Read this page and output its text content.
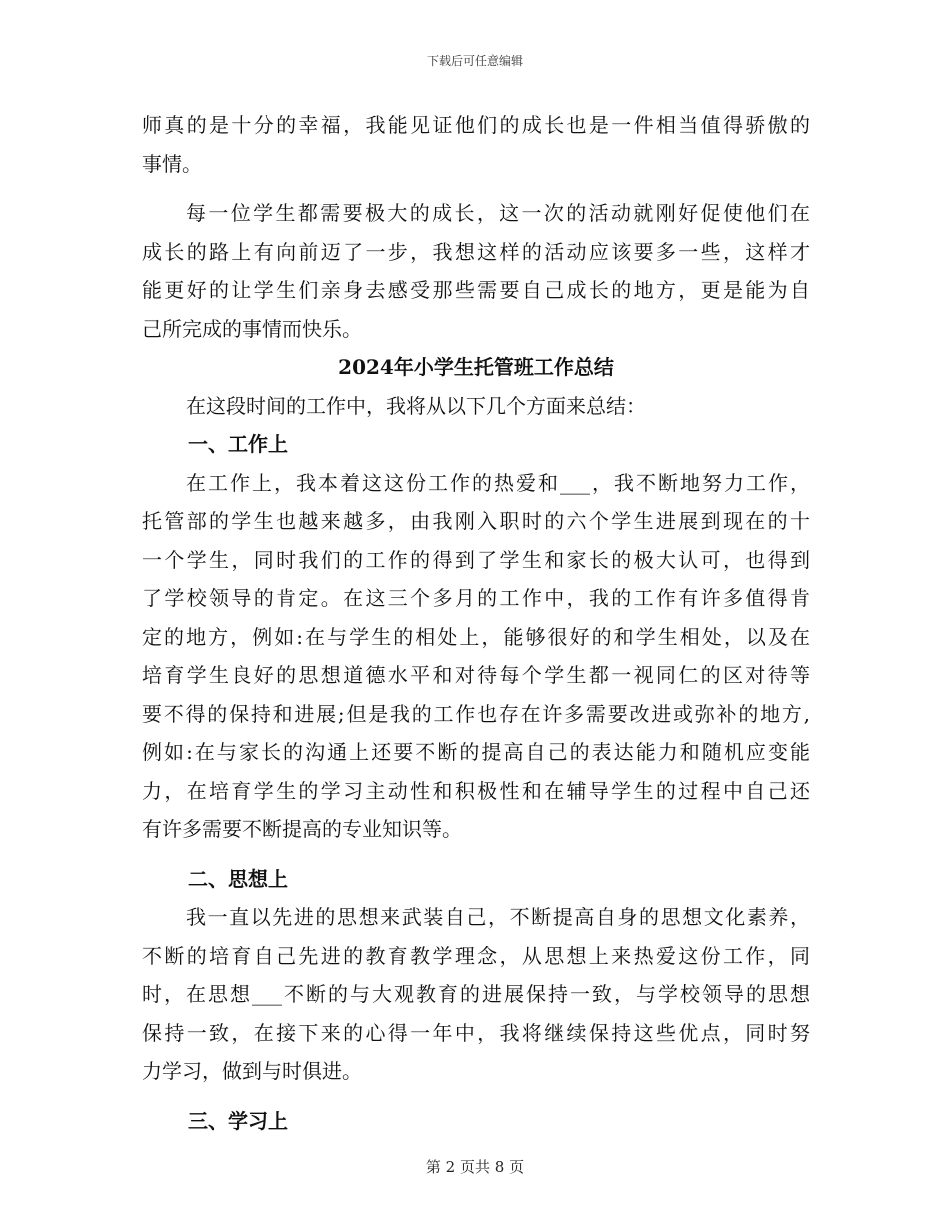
下载后可任意编辑
师真的是十分的幸福，我能见证他们的成长也是一件相当值得骄傲的
事情。
每一位学生都需要极大的成长，这一次的活动就刚好促使他们在
成长的路上有向前迈了一步，我想这样的活动应该要多一些，这样才
能更好的让学生们亲身去感受那些需要自己成长的地方，更是能为自
己所完成的事情而快乐。
2024年小学生托管班工作总结
在这段时间的工作中，我将从以下几个方面来总结：
一、工作上
在工作上，我本着这这份工作的热爱和___，我不断地努力工作，
托管部的学生也越来越多，由我刚入职时的六个学生进展到现在的十
一个学生，同时我们的工作的得到了学生和家长的极大认可，也得到
了学校领导的肯定。在这三个多月的工作中，我的工作有许多值得肯
定的地方，例如:在与学生的相处上，能够很好的和学生相处，以及在
培育学生良好的思想道德水平和对待每个学生都一视同仁的区对待等
要不得的保持和进展;但是我的工作也存在许多需要改进或弥补的地方,
例如:在与家长的沟通上还要不断的提高自己的表达能力和随机应变能
力，在培育学生的学习主动性和积极性和在辅导学生的过程中自己还
有许多需要不断提高的专业知识等。
二、思想上
我一直以先进的思想来武装自己，不断提高自身的思想文化素养，
不断的培育自己先进的教育教学理念，从思想上来热爱这份工作，同
时，在思想___不断的与大观教育的进展保持一致，与学校领导的思想
保持一致，在接下来的心得一年中，我将继续保持这些优点，同时努
力学习，做到与时俱进。
三、学习上
第 2 页共 8 页
